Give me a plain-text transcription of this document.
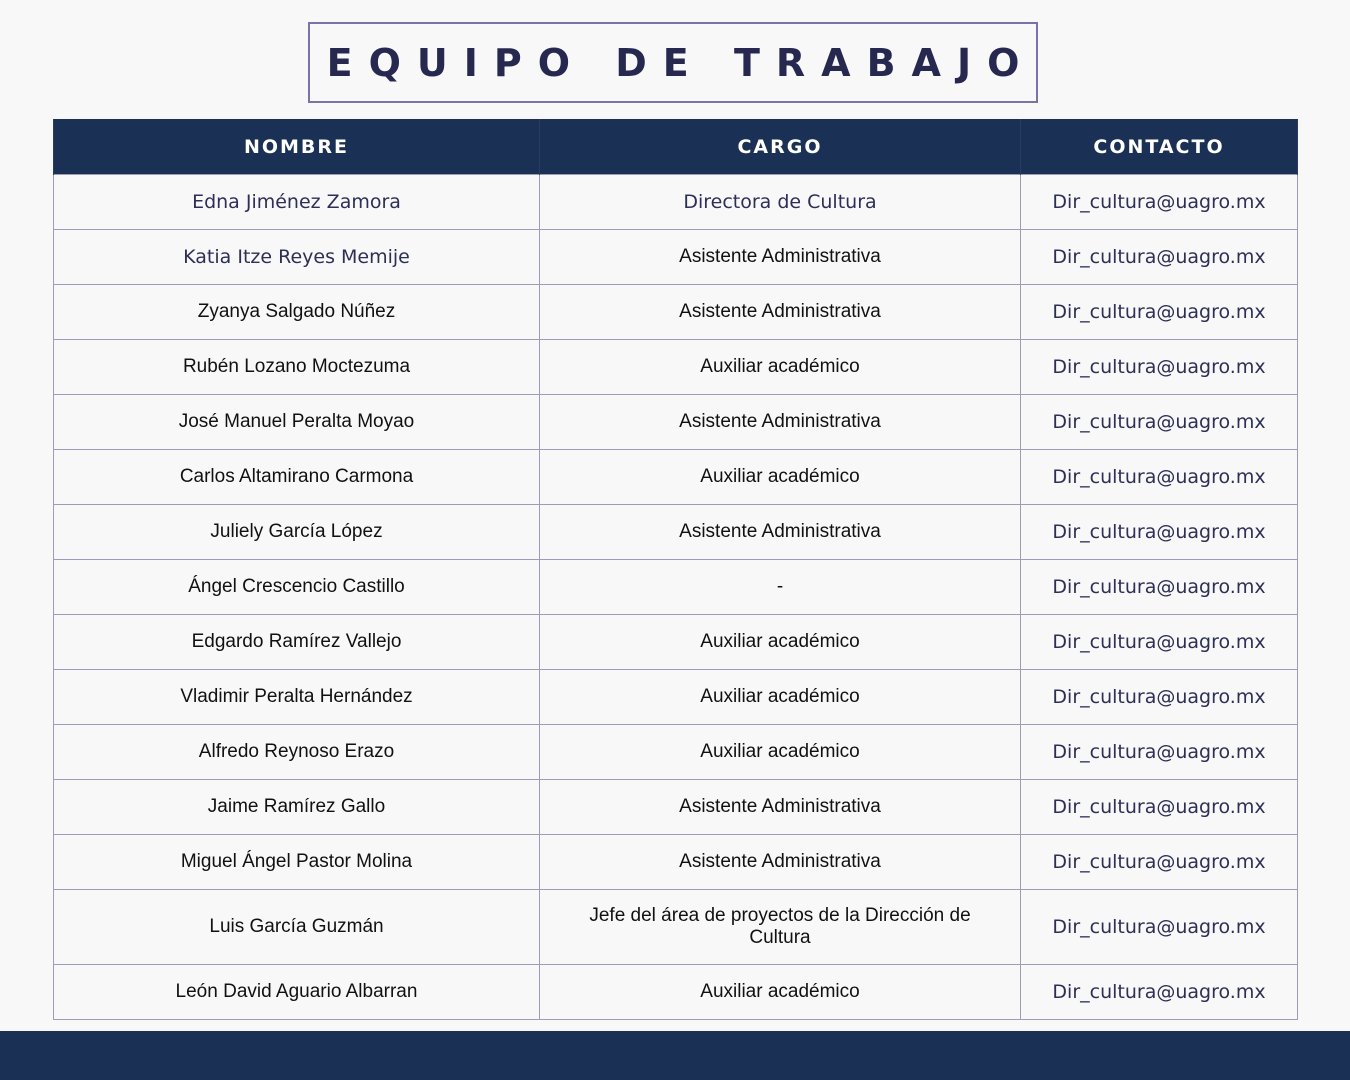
EQUIPO DE TRABAJO
NOMBRE	CARGO	CONTACTO
Edna Jiménez Zamora	Directora de Cultura	Dir_cultura@uagro.mx
Katia Itze Reyes Memije	Asistente Administrativa	Dir_cultura@uagro.mx
Zyanya Salgado Núñez	Asistente Administrativa	Dir_cultura@uagro.mx
Rubén Lozano Moctezuma	Auxiliar académico	Dir_cultura@uagro.mx
José Manuel Peralta Moyao	Asistente Administrativa	Dir_cultura@uagro.mx
Carlos Altamirano Carmona	Auxiliar académico	Dir_cultura@uagro.mx
Juliely García López	Asistente Administrativa	Dir_cultura@uagro.mx
Ángel Crescencio Castillo	-	Dir_cultura@uagro.mx
Edgardo Ramírez Vallejo	Auxiliar académico	Dir_cultura@uagro.mx
Vladimir Peralta Hernández	Auxiliar académico	Dir_cultura@uagro.mx
Alfredo Reynoso Erazo	Auxiliar académico	Dir_cultura@uagro.mx
Jaime Ramírez Gallo	Asistente Administrativa	Dir_cultura@uagro.mx
Miguel Ángel Pastor Molina	Asistente Administrativa	Dir_cultura@uagro.mx
Luis García Guzmán	Jefe del área de proyectos de la Dirección de Cultura	Dir_cultura@uagro.mx
León David Aguario Albarran	Auxiliar académico	Dir_cultura@uagro.mx
